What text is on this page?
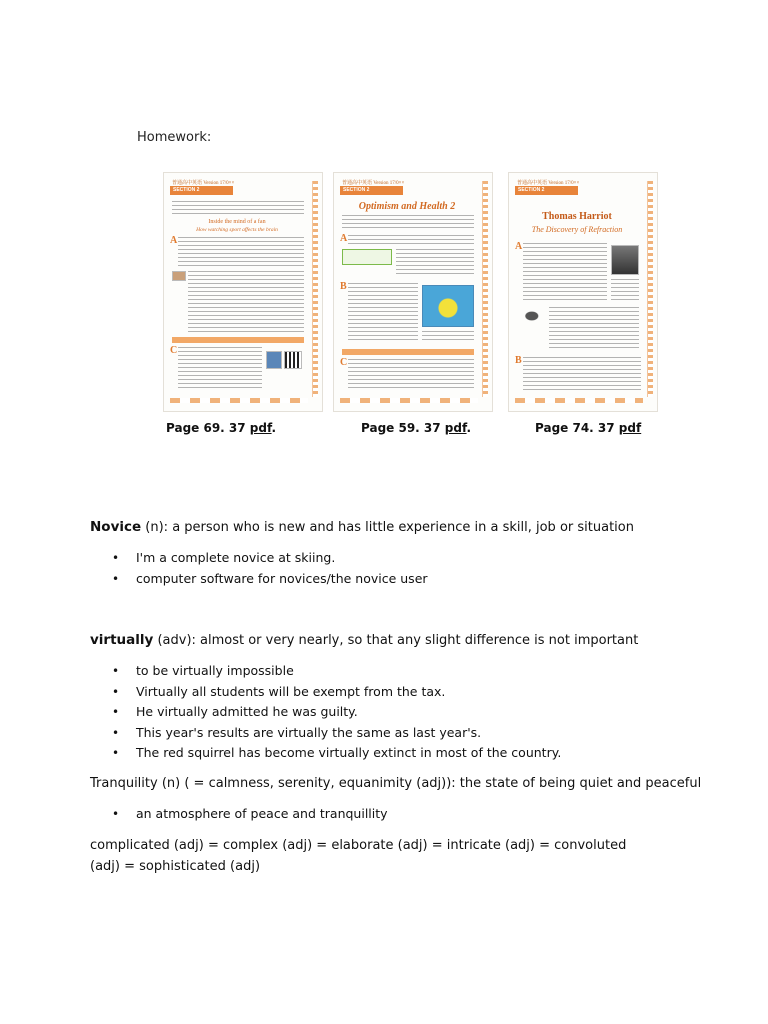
Homework:
普通高中英语 Version 17/0××
SECTION 2
Inside the mind of a fan
How watching sport affects the brain
A
C
普通高中英语 Version 17/0××
SECTION 2
Optimism and Health 2
A
B
C
普通高中英语 Version 17/0××
SECTION 2
Thomas Harriot
The Discovery of Refraction
A
B
Page 69. 37 pdf.	Page 59. 37 pdf.	Page 74. 37 pdf
Novice (n): a person who is new and has little experience in a skill, job or situation
• I'm a complete novice at skiing.
• computer software for novices/the novice user
virtually (adv): almost or very nearly, so that any slight difference is not important
• to be virtually impossible
• Virtually all students will be exempt from the tax.
• He virtually admitted he was guilty.
• This year's results are virtually the same as last year's.
• The red squirrel has become virtually extinct in most of the country.
Tranquility (n) ( = calmness, serenity, equanimity (adj)): the state of being quiet and peaceful
• an atmosphere of peace and tranquillity
complicated (adj) = complex (adj) = elaborate (adj) = intricate (adj) = convoluted (adj) = sophisticated (adj)
